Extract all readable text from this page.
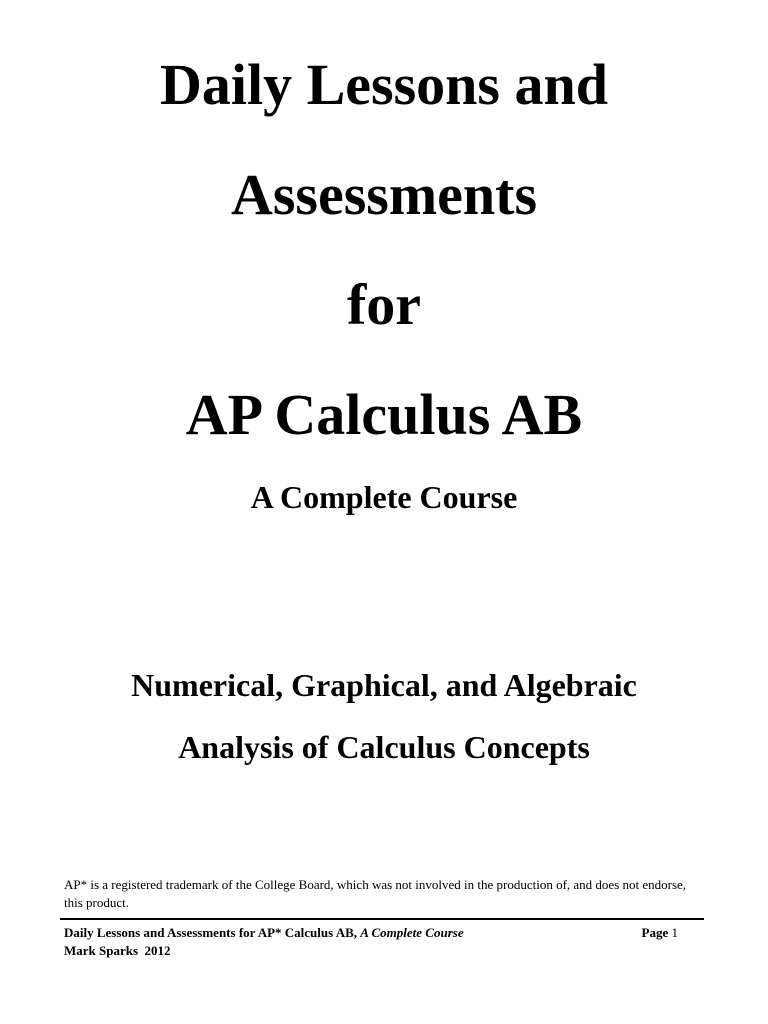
Daily Lessons and
Assessments
for
AP Calculus AB
A Complete Course
Numerical, Graphical, and Algebraic
Analysis of Calculus Concepts
AP* is a registered trademark of the College Board, which was not involved in the production of, and does not endorse, this product.
Daily Lessons and Assessments for AP* Calculus AB, A Complete Course
Mark Sparks  2012
Page 1
